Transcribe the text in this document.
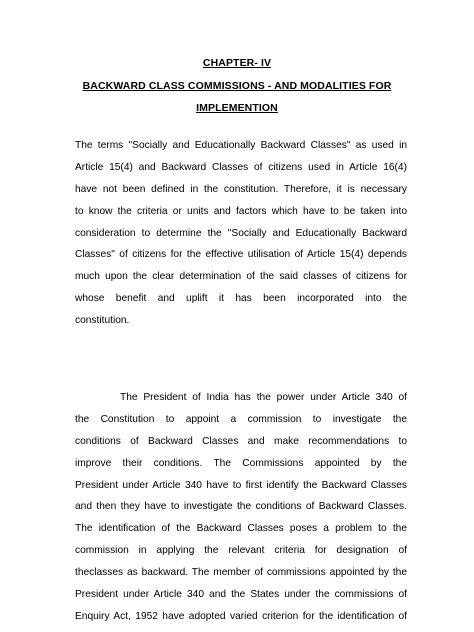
CHAPTER- IV
BACKWARD CLASS COMMISSIONS - AND MODALITIES FOR
IMPLEMENTION
The terms "Socially and Educationally Backward Classes" as used in
Article 15(4) and Backward Classes of citizens used in Article 16(4)
have not been defined in the constitution. Therefore, it is necessary
to know the criteria or units and factors which have to be taken into
consideration to determine the "Socially and Educationally Backward
Classes" of citizens for the effective utilisation of Article 15(4) depends
much upon the clear determination of the said classes of citizens for
whose benefit and uplift it has been incorporated into the
constitution.
The President of India has the power under Article 340 of
the Constitution to appoint a commission to investigate the
conditions of Backward Classes and make recommendations to
improve their conditions. The Commissions appointed by the
President under Article 340 have to first identify the Backward Classes
and then they have to investigate the conditions of Backward Classes.
The identification of the Backward Classes poses a problem to the
commission in applying the relevant criteria for designation of
theclasses as backward. The member of commissions appointed by the
President under Article 340 and the States under the commissions of
Enquiry Act, 1952 have adopted varied criterion for the identification of
